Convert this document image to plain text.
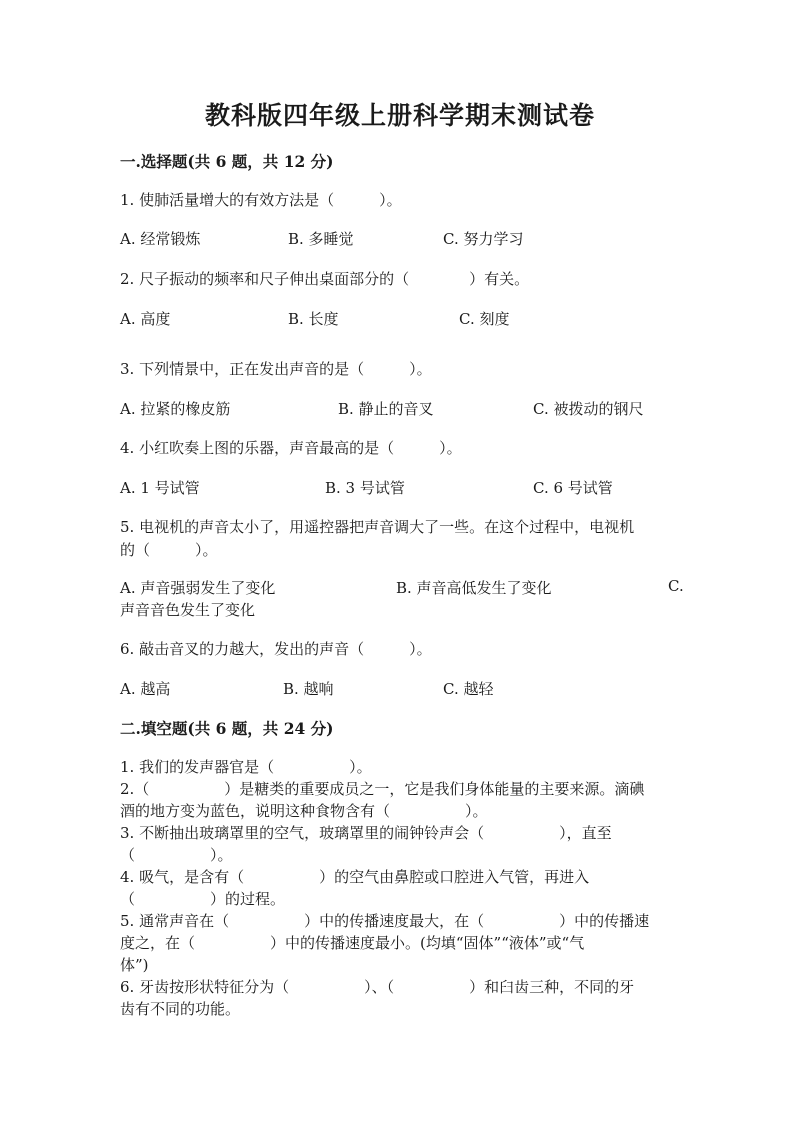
教科版四年级上册科学期末测试卷
一.选择题(共 6 题，共 12 分)
1. 使肺活量增大的有效方法是（　　　）。
A. 经常锻炼	B. 多睡觉	C. 努力学习
2. 尺子振动的频率和尺子伸出桌面部分的（　　　　）有关。
A. 高度	B. 长度	C. 刻度
3. 下列情景中，正在发出声音的是（　　　）。
A. 拉紧的橡皮筋	B. 静止的音叉	C. 被拨动的钢尺
4. 小红吹奏上图的乐器，声音最高的是（　　　）。
A. 1 号试管	B. 3 号试管	C. 6 号试管
5. 电视机的声音太小了，用遥控器把声音调大了一些。在这个过程中，电视机
的（　　　）。
A. 声音强弱发生了变化	B. 声音高低发生了变化	C.
声音音色发生了变化
6. 敲击音叉的力越大，发出的声音（　　　）。
A. 越高	B. 越响	C. 越轻
二.填空题(共 6 题，共 24 分)
1. 我们的发声器官是（　　　　　）。
2.（　　　　　）是糖类的重要成员之一，它是我们身体能量的主要来源。滴碘
酒的地方变为蓝色，说明这种食物含有（　　　　　）。
3. 不断抽出玻璃罩里的空气，玻璃罩里的闹钟铃声会（　　　　　），直至
（　　　　　）。
4. 吸气，是含有（　　　　　）的空气由鼻腔或口腔进入气管，再进入
（　　　　　）的过程。
5. 通常声音在（　　　　　）中的传播速度最大，在（　　　　　）中的传播速
度之，在（　　　　　）中的传播速度最小。(均填“固体”“液体”或“气
体”)
6. 牙齿按形状特征分为（　　　　　）、（　　　　　）和臼齿三种，不同的牙
齿有不同的功能。
